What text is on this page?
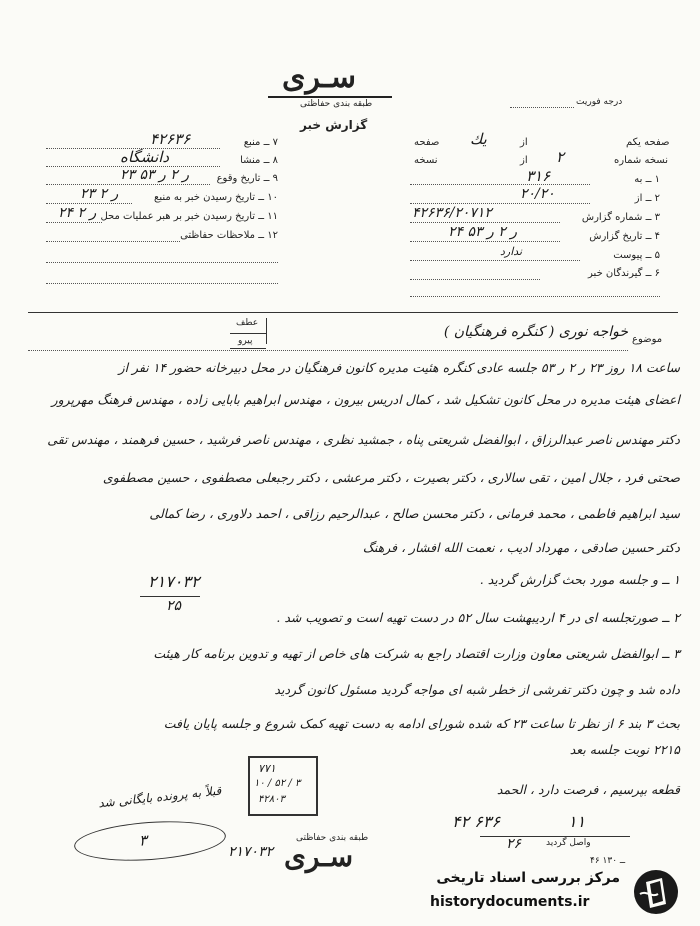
سـرى
طبقه بندى حفاظتى
گزارش خبر
درجه فوريت
۷ ــ منبع
۴۲۶۳۶
۸ ــ منشا
دانشگاه
۹ ــ تاريخ وقوع
۲۳ ر ۲ ر ۵۳
۱۰ ــ تاريخ رسيدن خبر به منبع
۲۳ ر ۲
۱۱ ــ تاريخ رسيدن خبر بر هبر عمليات محل
۲۴ ر ۲
۱۲ ــ ملاحظات حفاظتى
صفحه يكم
از
يك
صفحه
نسخه شماره
از ۲
نسخه
۱ ــ به
۳۱۶
۲ ــ از
۲۰/۲۰
۳ ــ شماره گزارش
۴۲۶۳۶/۲۰۷۱۲
۴ ــ تاريخ گزارش
۲۴ ر ۲ ر ۵۳
۵ ــ پيوست
ندارد
۶ ــ گيرندگان خبر
عطف
پيرو	موضوع
خواجه نوری ( کنگره فرهنگیان )
ساعت ۱۸ روز ۲۳ ر ۲ ر ۵۳ جلسه عادی کنگره هئیت مدیره کانون فرهنگیان در محل دبیرخانه حضور ۱۴ نفر از
اعضای هیئت مدیره در محل کانون تشکیل شد ، کمال ادریس بیرون ، مهندس ابراهیم بابایی زاده ، مهندس فرهنگ مهرپرور
دکتر مهندس ناصر عبدالرزاق ، ابوالفضل شریعتی پناه ، جمشید نظری ، مهندس ناصر فرشید ، حسین فرهمند ، مهندس تقی
صحتی فرد ، جلال امین ، تقی سالاری ، دکتر بصیرت ، دکتر مرعشی ، دکتر رجبعلی مصطفوی ، حسین مصطفوی
سید ابراهیم فاطمی ، محمد فرمانی ، دکتر محسن صالح ، عبدالرحیم رزاقی ، احمد دلاوری ، رضا کمالی
دکتر حسین صادقی ، مهرداد ادیب ، نعمت الله افشار ، فرهنگ
۱ ــ و جلسه مورد بحث گزارش گردید .
۲ ــ صورتجلسه ای در ۴ اردیبهشت سال ۵۲ در دست تهیه است و تصویب شد .
۳ ــ ابوالفضل شریعتی معاون وزارت اقتصاد راجع به شرکت های خاص از تهیه و تدوین برنامه کار هیئت
داده شد و چون دکتر تفرشی از خطر شبه ای مواجه گردید مسئول کانون گردید
بحث ۳ بند ۶ از نظر تا ساعت ۲۳ که شده شورای ادامه به دست تهیه کمک شروع و جلسه پایان یافت
۲۲۱۵ نوبت جلسه بعد
قطعه بپرسیم ، فرصت دارد ، الحمد
۲۱۷۰۳۲
۲۵
۷۷۱
۱۰ / ۵۲ / ۳
۴۲۸۰۳
قبلاً به پرونده بایگانی شد
۳	طبقه بندى حفاظتى
سـرى
۲۱۷۰۳۲
۴۲ ۶۳۶	۱۱
واصل گردید
۲۶
۴۶ ــ ۱۳۰
مرکز بررسی اسناد تاریخی
historydocuments.ir
